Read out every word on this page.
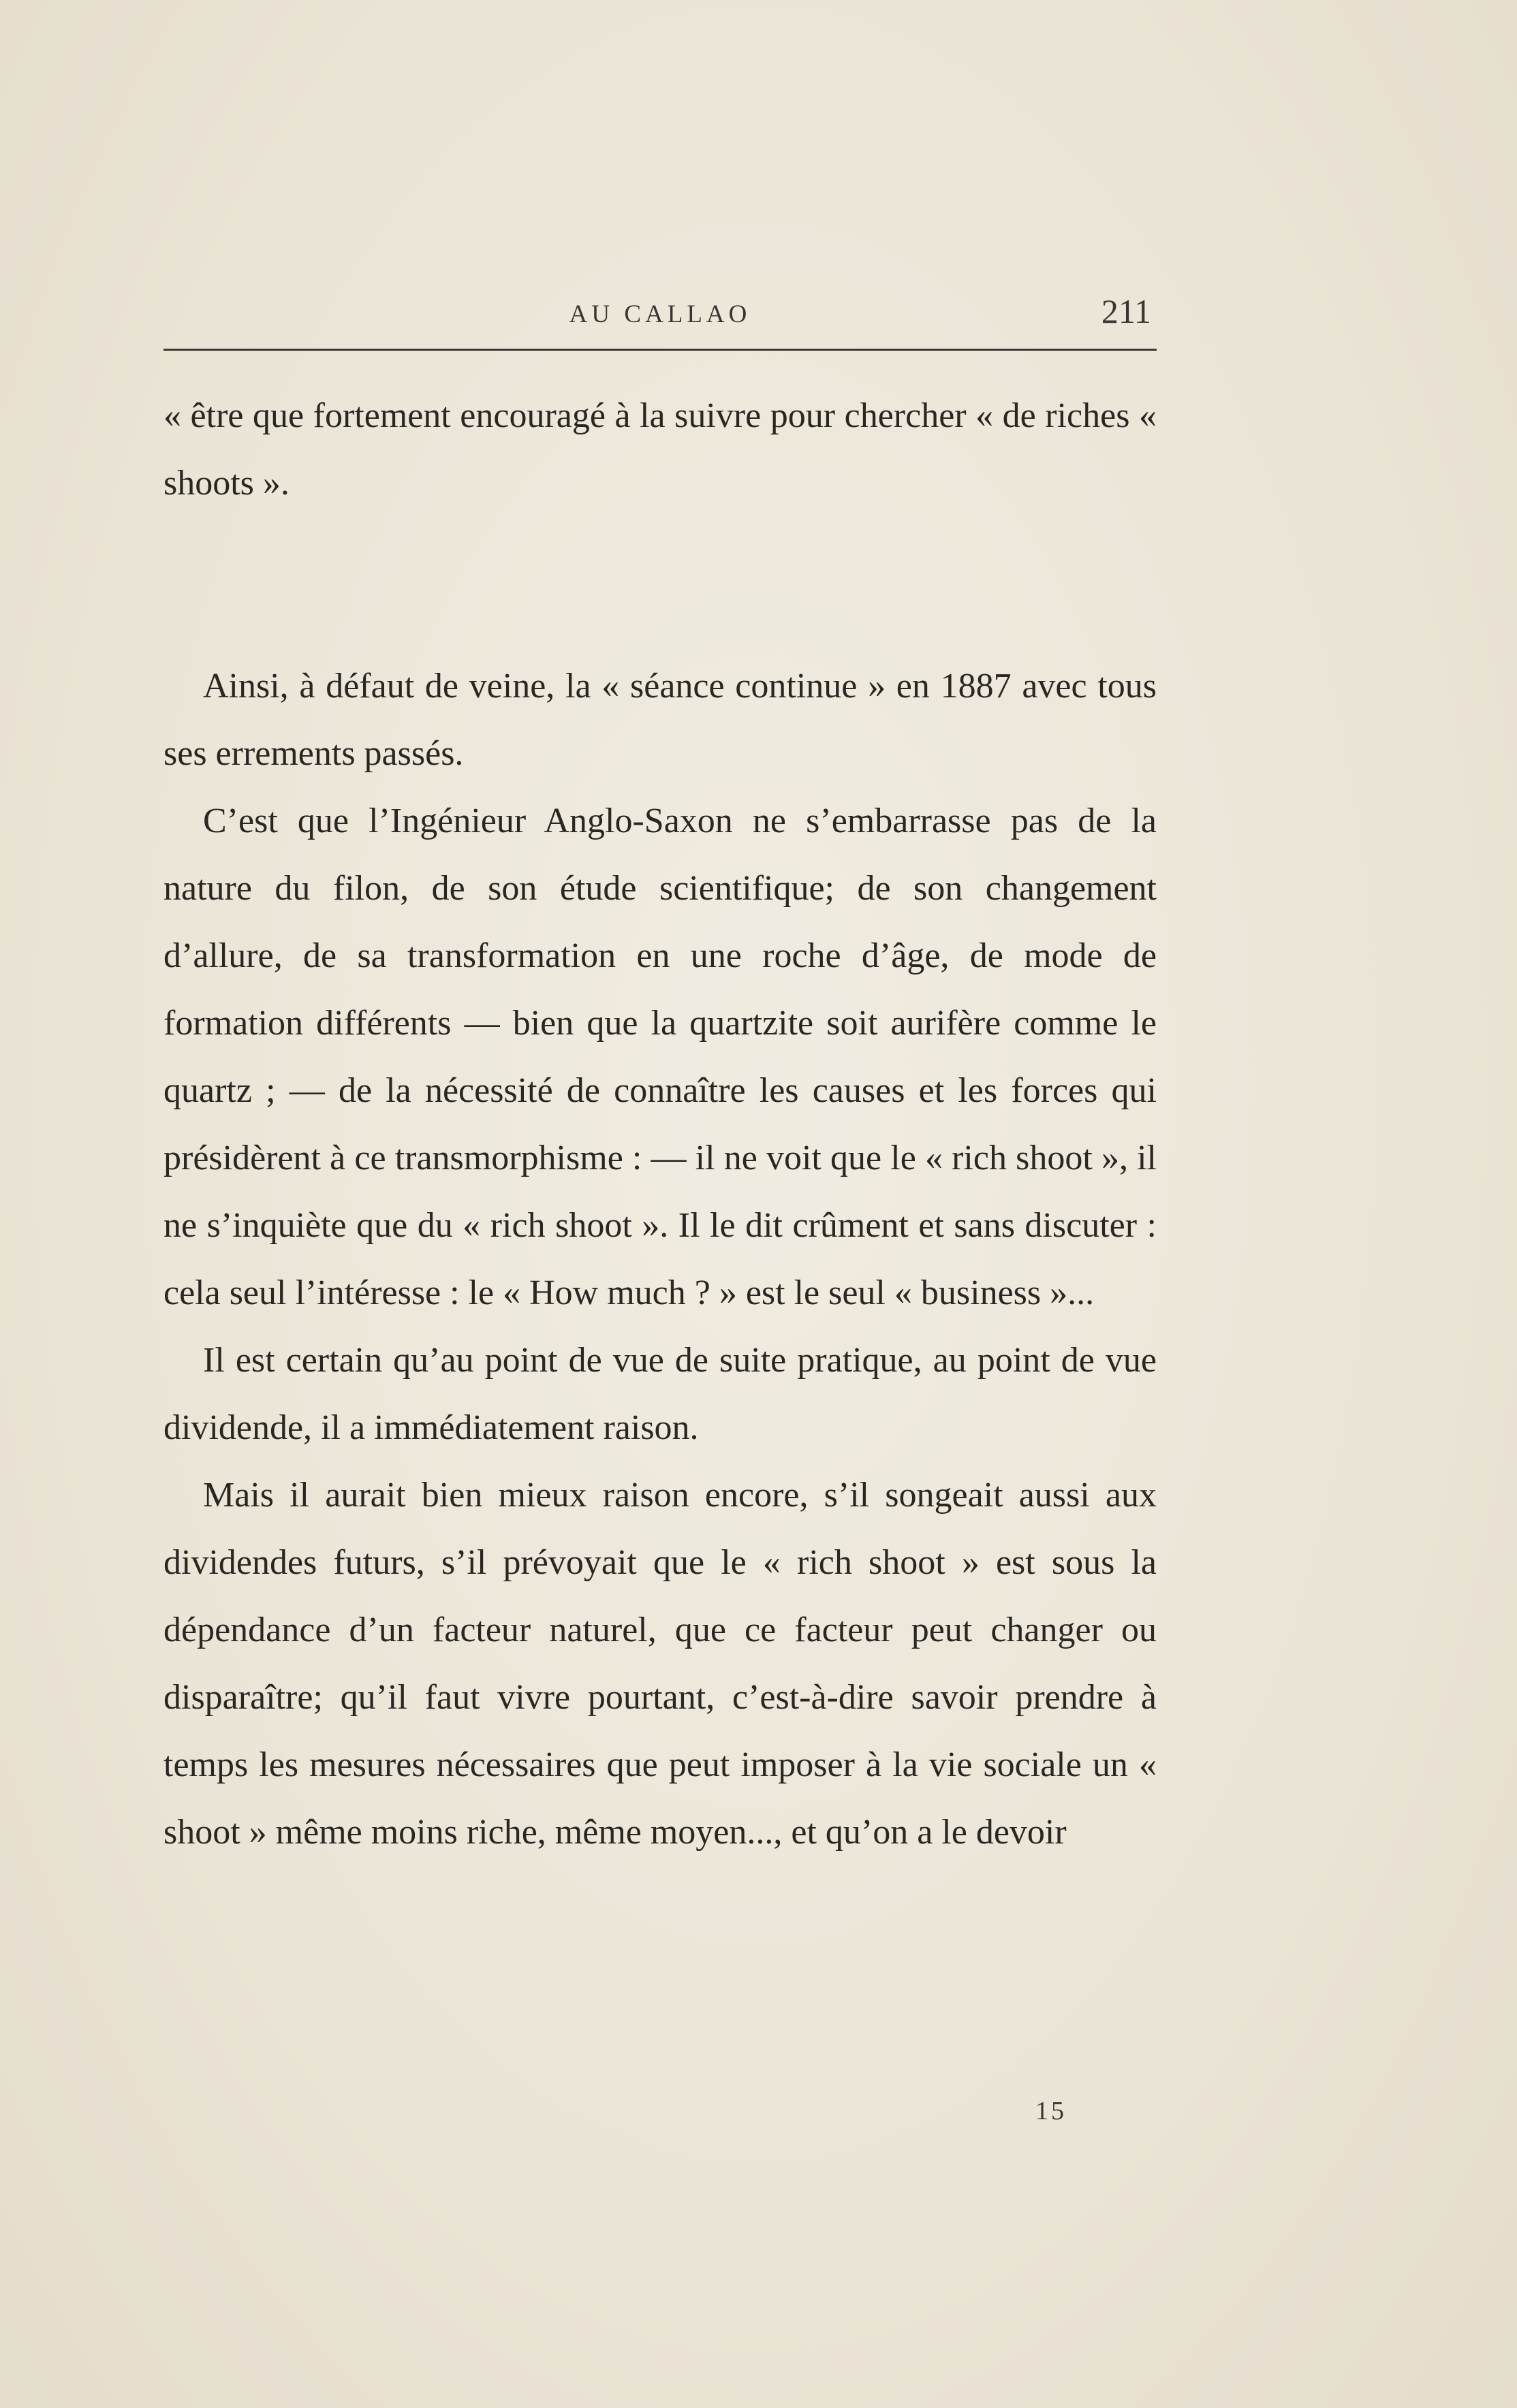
AU CALLAO	211

« être que fortement encouragé à la suivre pour chercher « de riches « shoots ».

Ainsi, à défaut de veine, la « séance continue » en 1887 avec tous ses errements passés.

C’est que l’Ingénieur Anglo-Saxon ne s’embarrasse pas de la nature du filon, de son étude scientifique; de son changement d’allure, de sa transformation en une roche d’âge, de mode de formation différents — bien que la quartzite soit aurifère comme le quartz ; — de la nécessité de connaître les causes et les forces qui présidèrent à ce transmorphisme : — il ne voit que le « rich shoot », il ne s’inquiète que du « rich shoot ». Il le dit crûment et sans discuter : cela seul l’intéresse : le « How much ? » est le seul « business »...

Il est certain qu’au point de vue de suite pratique, au point de vue dividende, il a immédiatement raison.

Mais il aurait bien mieux raison encore, s’il songeait aussi aux dividendes futurs, s’il prévoyait que le « rich shoot » est sous la dépendance d’un facteur naturel, que ce facteur peut changer ou disparaître; qu’il faut vivre pourtant, c’est-à-dire savoir prendre à temps les mesures nécessaires que peut imposer à la vie sociale un « shoot » même moins riche, même moyen..., et qu’on a le devoir

15
